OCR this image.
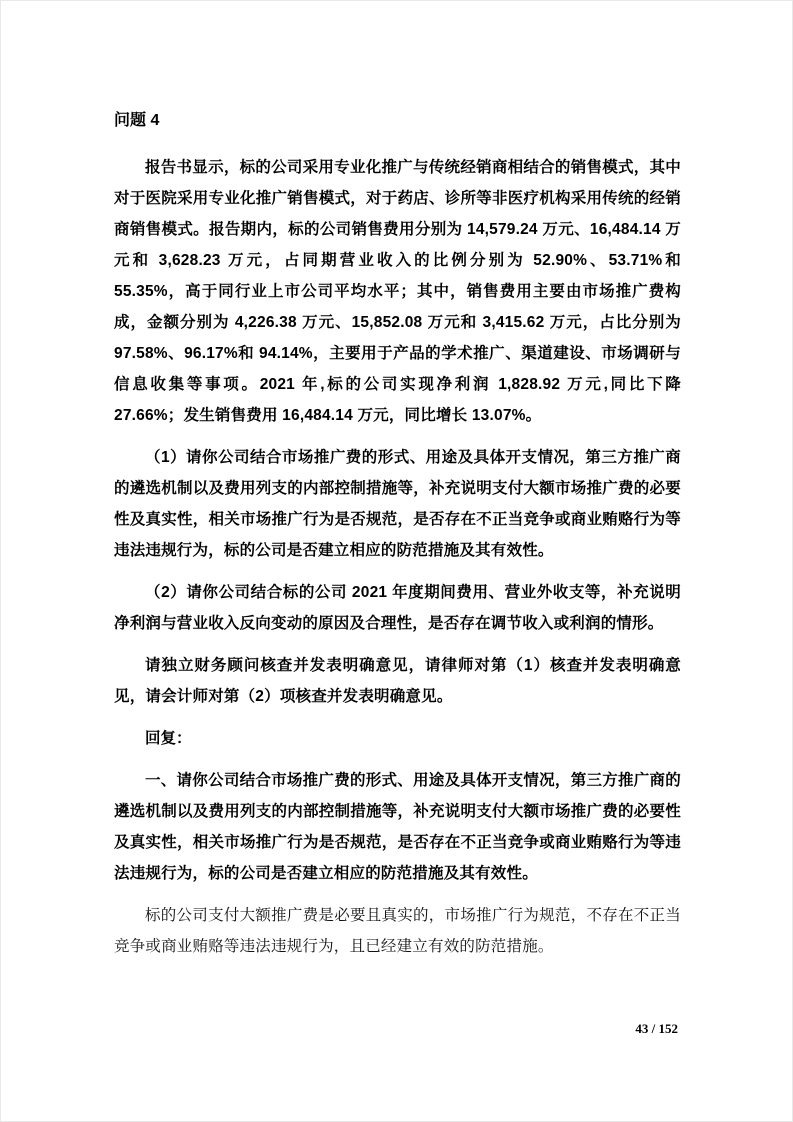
问题 4

报告书显示，标的公司采用专业化推广与传统经销商相结合的销售模式，其中对于医院采用专业化推广销售模式，对于药店、诊所等非医疗机构采用传统的经销商销售模式。报告期内，标的公司销售费用分别为 14,579.24 万元、16,484.14 万元和 3,628.23 万元，占同期营业收入的比例分别为 52.90%、53.71%和 55.35%，高于同行业上市公司平均水平；其中，销售费用主要由市场推广费构成，金额分别为 4,226.38 万元、15,852.08 万元和 3,415.62 万元，占比分别为 97.58%、96.17%和 94.14%，主要用于产品的学术推广、渠道建设、市场调研与信息收集等事项。2021 年,标的公司实现净利润 1,828.92 万元,同比下降 27.66%；发生销售费用 16,484.14 万元，同比增长 13.07%。

（1）请你公司结合市场推广费的形式、用途及具体开支情况，第三方推广商的遴选机制以及费用列支的内部控制措施等，补充说明支付大额市场推广费的必要性及真实性，相关市场推广行为是否规范，是否存在不正当竞争或商业贿赂行为等违法违规行为，标的公司是否建立相应的防范措施及其有效性。

（2）请你公司结合标的公司 2021 年度期间费用、营业外收支等，补充说明净利润与营业收入反向变动的原因及合理性，是否存在调节收入或利润的情形。

请独立财务顾问核查并发表明确意见，请律师对第（1）核查并发表明确意见，请会计师对第（2）项核查并发表明确意见。

回复：

一、请你公司结合市场推广费的形式、用途及具体开支情况，第三方推广商的遴选机制以及费用列支的内部控制措施等，补充说明支付大额市场推广费的必要性及真实性，相关市场推广行为是否规范，是否存在不正当竞争或商业贿赂行为等违法违规行为，标的公司是否建立相应的防范措施及其有效性。

标的公司支付大额推广费是必要且真实的，市场推广行为规范，不存在不正当竞争或商业贿赂等违法违规行为，且已经建立有效的防范措施。

43 / 152
